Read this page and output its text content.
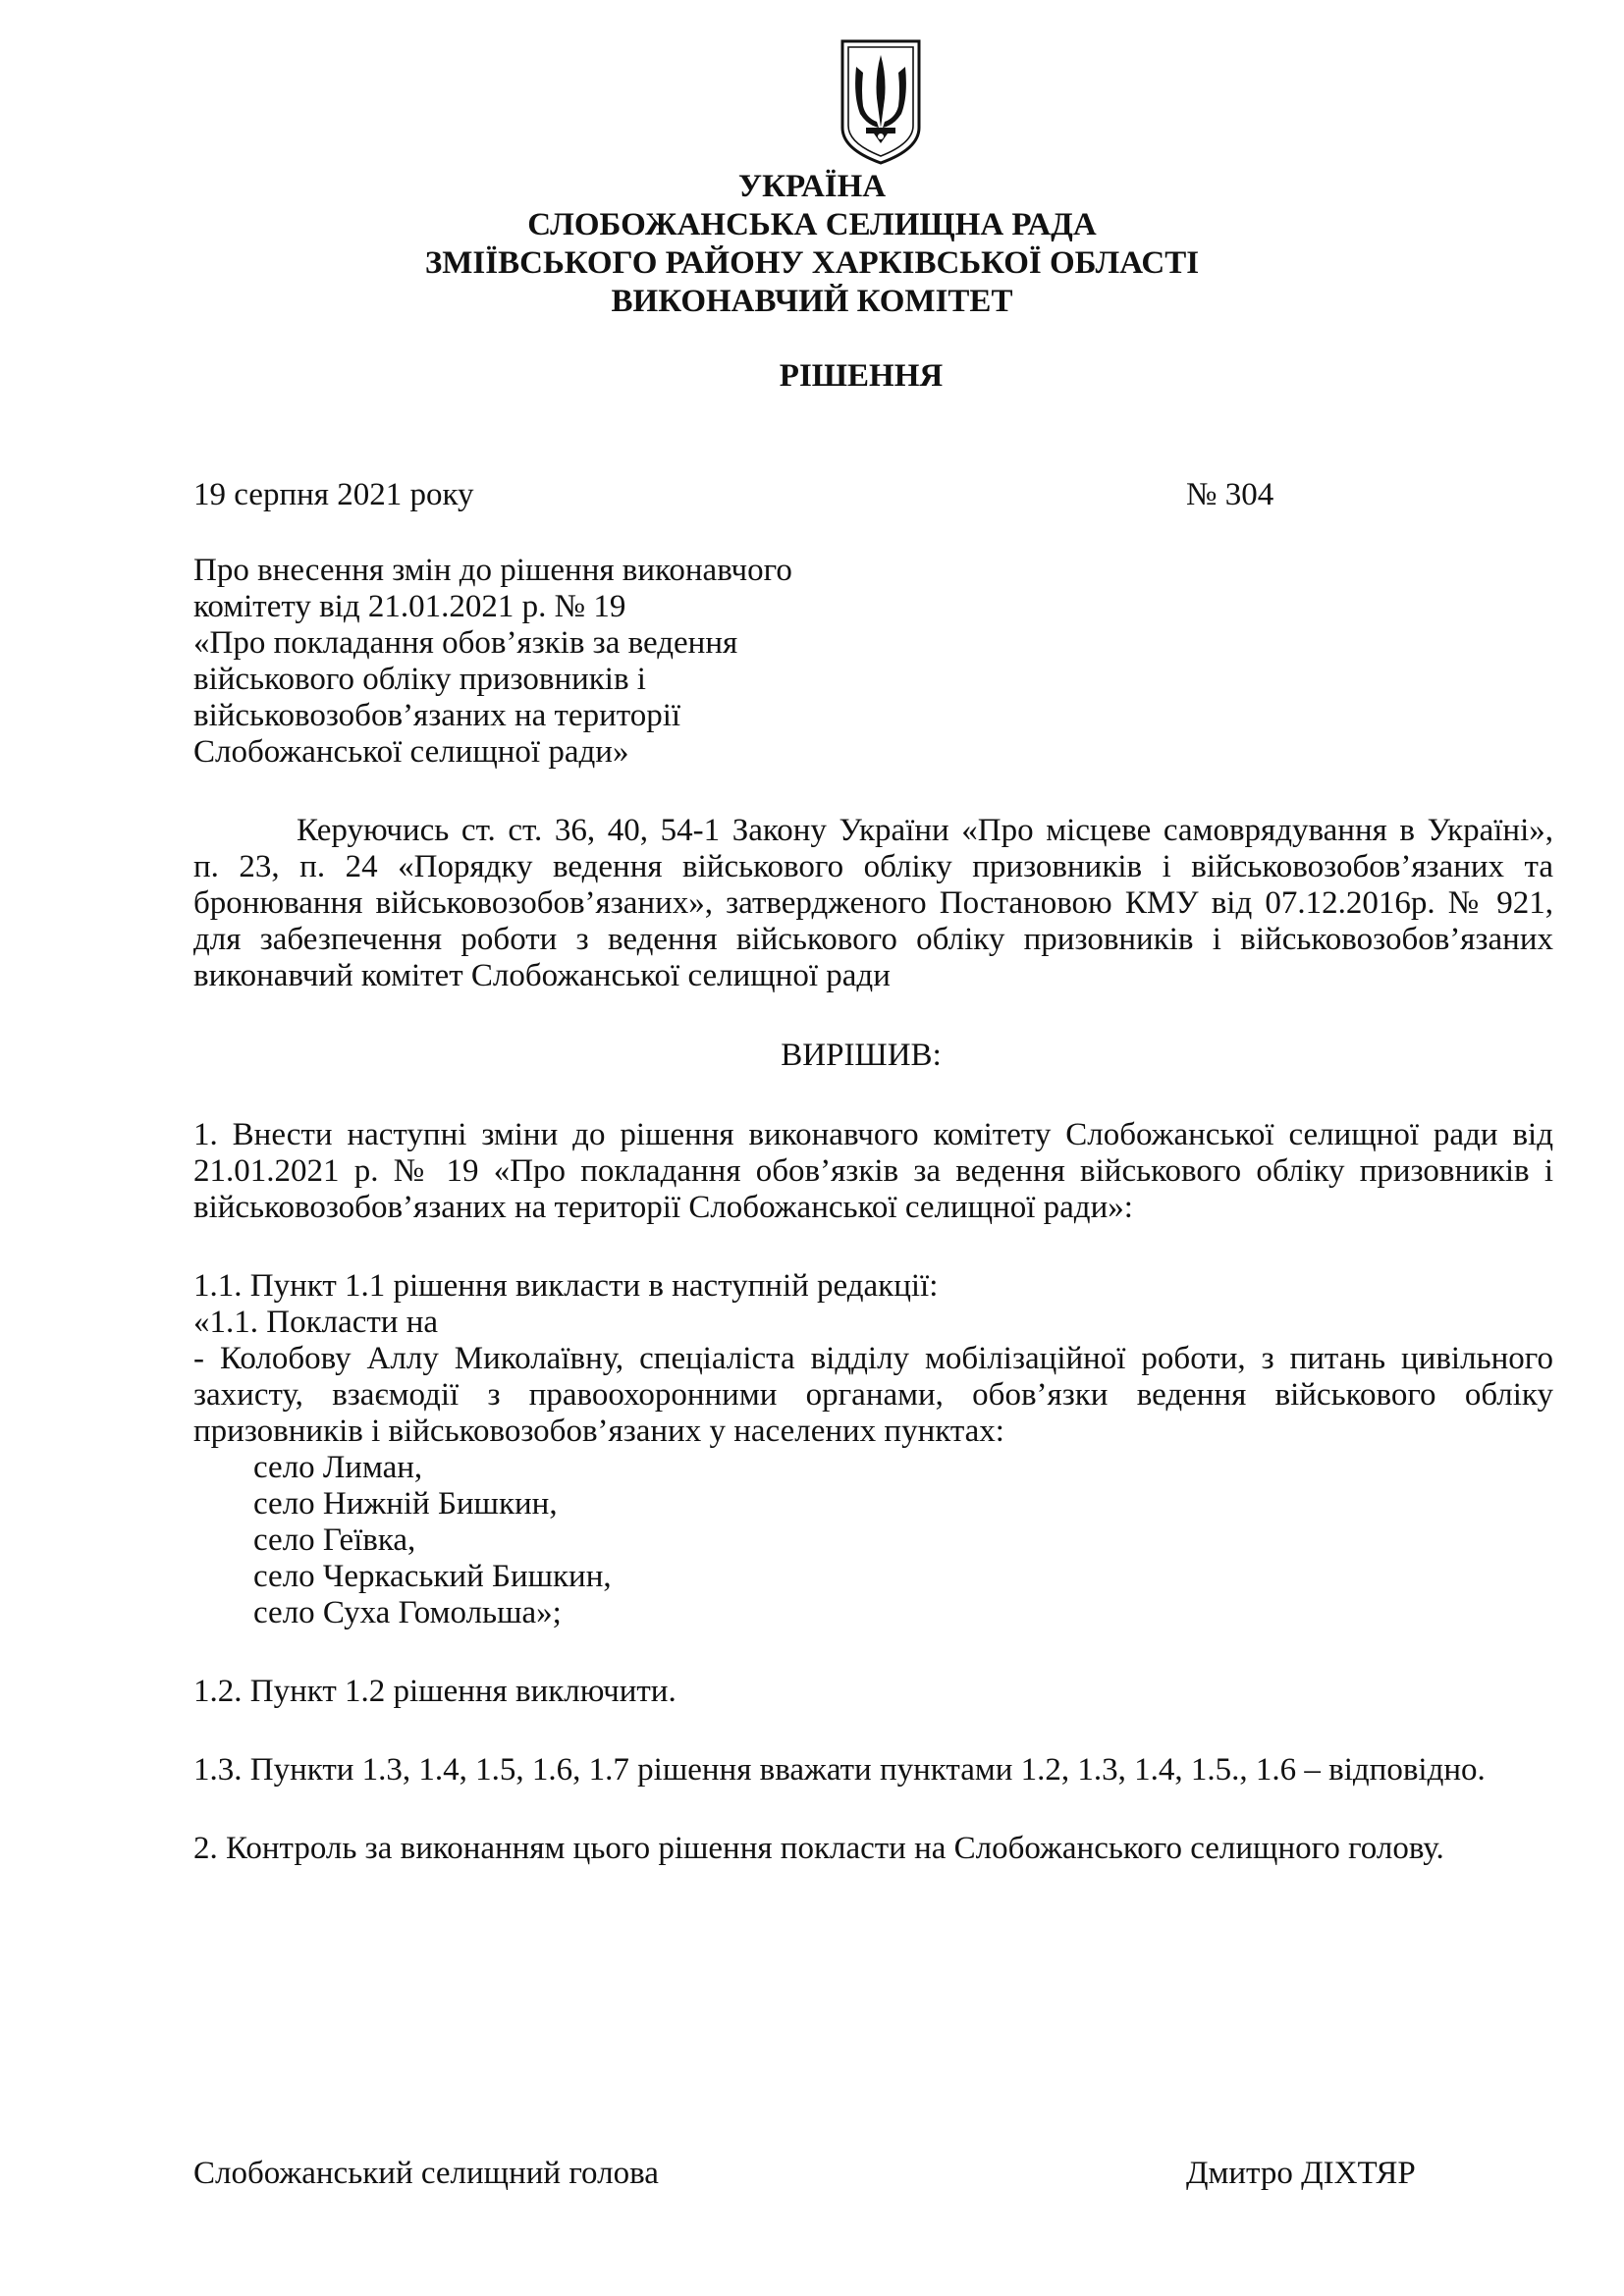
УКРАЇНА
СЛОБОЖАНСЬКА СЕЛИЩНА РАДА
ЗМІЇВСЬКОГО РАЙОНУ ХАРКІВСЬКОЇ ОБЛАСТІ
ВИКОНАВЧИЙ КОМІТЕТ
РІШЕННЯ
19 серпня 2021 року	№ 304
Про внесення змін до рішення виконавчого
комітету від 21.01.2021 р. № 19
«Про покладання обов’язків за ведення
військового обліку призовників і
військовозобов’язаних на території
Слобожанської селищної ради»
Керуючись ст. ст. 36, 40, 54-1 Закону України «Про місцеве самоврядування в Україні»,
п. 23, п. 24 «Порядку ведення військового обліку призовників і військовозобов’язаних та
бронювання військовозобов’язаних», затвердженого Постановою КМУ від 07.12.2016р. № 921,
для забезпечення роботи з ведення військового обліку призовників і військовозобов’язаних
виконавчий комітет Слобожанської селищної ради
ВИРІШИВ:
1. Внести наступні зміни до рішення виконавчого комітету Слобожанської селищної ради від
21.01.2021 р. № 19 «Про покладання обов’язків за ведення військового обліку призовників і
військовозобов’язаних на території Слобожанської селищної ради»:
1.1. Пункт 1.1 рішення викласти в наступній редакції:
«1.1. Покласти на
- Колобову Аллу Миколаївну, спеціаліста відділу мобілізаційної роботи, з питань цивільного
захисту, взаємодії з правоохоронними органами, обов’язки ведення військового обліку
призовників і військовозобов’язаних у населених пунктах:
село Лиман,
село Нижній Бишкин,
село Геївка,
село Черкаський Бишкин,
село Суха Гомольша»;
1.2. Пункт 1.2 рішення виключити.
1.3. Пункти 1.3, 1.4, 1.5, 1.6, 1.7 рішення вважати пунктами 1.2, 1.3, 1.4, 1.5., 1.6 – відповідно.
2. Контроль за виконанням цього рішення покласти на Слобожанського селищного голову.
Слобожанський селищний голова	Дмитро ДІХТЯР
